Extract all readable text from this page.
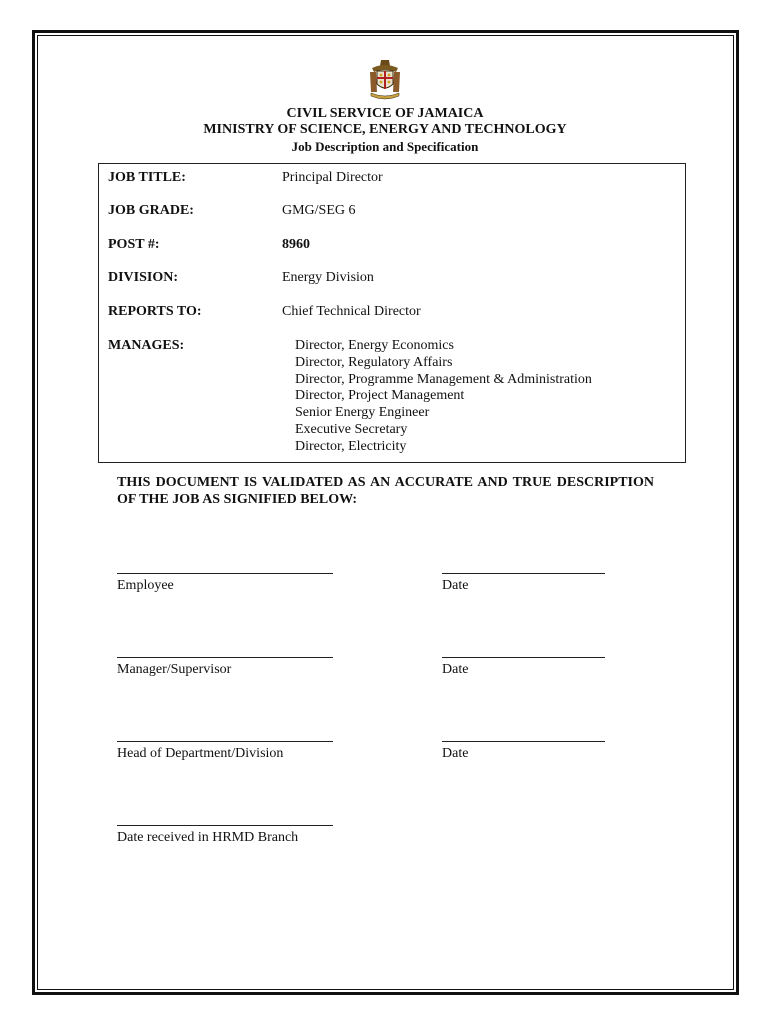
CIVIL SERVICE OF JAMAICA
MINISTRY OF SCIENCE, ENERGY AND TECHNOLOGY
Job Description and Specification
JOB TITLE:	Principal Director
JOB GRADE:	GMG/SEG 6
POST #:	8960
DIVISION:	Energy Division
REPORTS TO:	Chief Technical Director
MANAGES:	Director, Energy Economics
Director, Regulatory Affairs
Director, Programme Management & Administration
Director, Project Management
Senior Energy Engineer
Executive Secretary
Director, Electricity
THIS DOCUMENT IS VALIDATED AS AN ACCURATE AND TRUE DESCRIPTION OF THE JOB AS SIGNIFIED BELOW:
Employee	Date
Manager/Supervisor	Date
Head of Department/Division	Date
Date received in HRMD Branch
